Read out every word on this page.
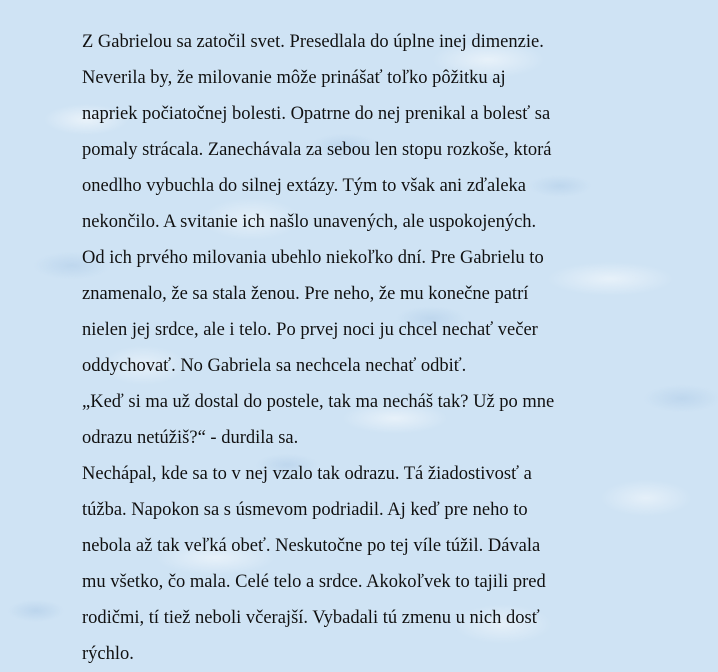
Z Gabrielou sa zatočil svet. Presedlala do úplne inej dimenzie.
Neverila by, že milovanie môže prinášať toľko pôžitku aj
napriek počiatočnej bolesti. Opatrne do nej prenikal a bolesť sa
pomaly strácala. Zanechávala za sebou len stopu rozkoše, ktorá
onedlho vybuchla do silnej extázy. Tým to však ani zďaleka
nekončilo. A svitanie ich našlo unavených, ale uspokojených.
Od ich prvého milovania ubehlo niekoľko dní. Pre Gabrielu to
znamenalo, že sa stala ženou. Pre neho, že mu konečne patrí
nielen jej srdce, ale i telo. Po prvej noci ju chcel nechať večer
oddychovať. No Gabriela sa nechcela nechať odbiť.
„Keď si ma už dostal do postele, tak ma necháš tak? Už po mne
odrazu netúžiš?“ - durdila sa.
Nechápal, kde sa to v nej vzalo tak odrazu. Tá žiadostivosť a
túžba. Napokon sa s úsmevom podriadil. Aj keď pre neho to
nebola až tak veľká obeť. Neskutočne po tej víle túžil. Dávala
mu všetko, čo mala. Celé telo a srdce. Akokoľvek to tajili pred
rodičmi, tí tiež neboli včerajší. Vybadali tú zmenu u nich dosť
rýchlo.
